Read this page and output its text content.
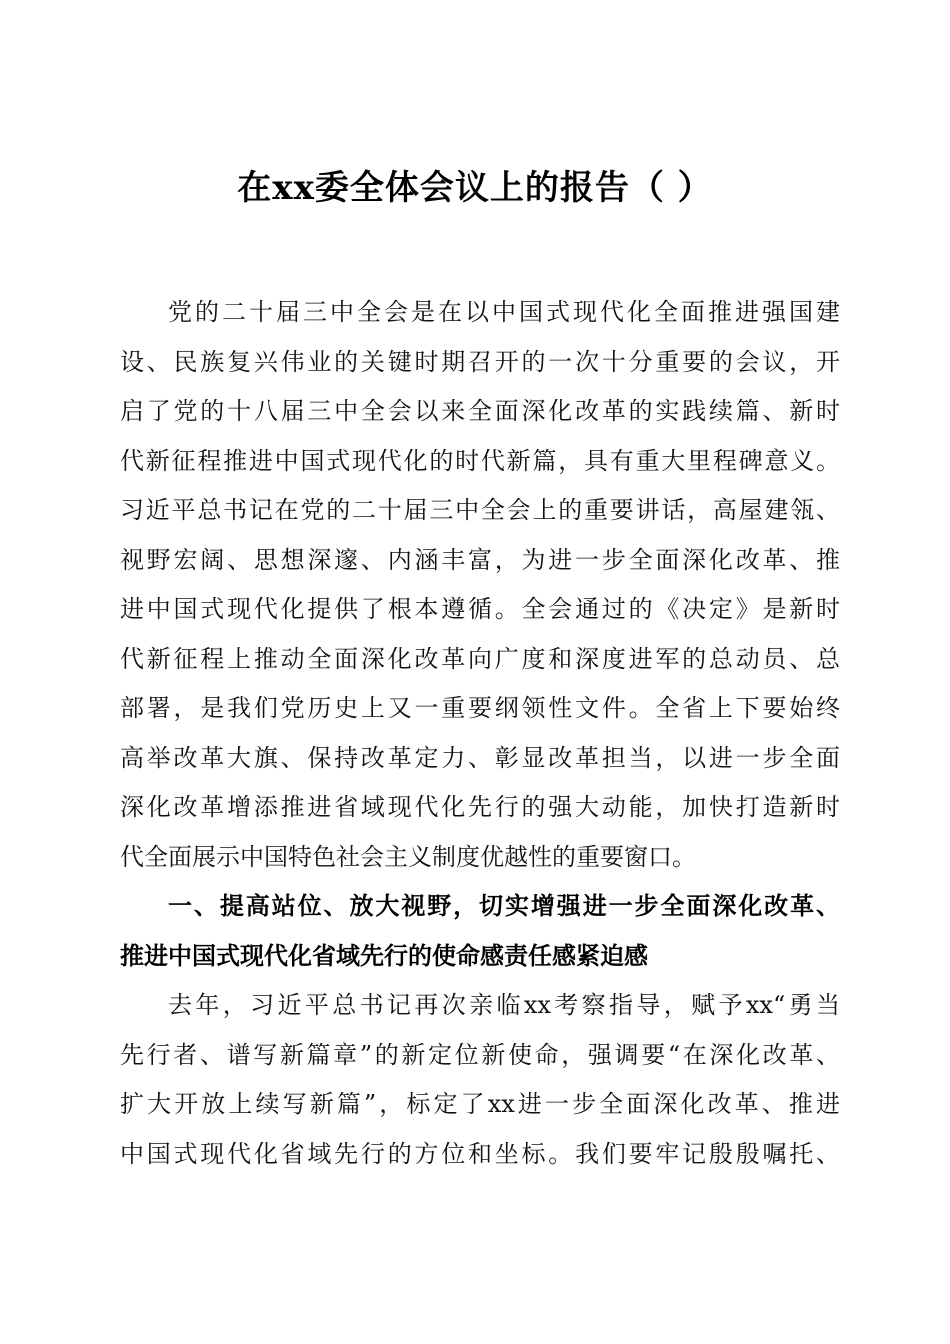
在xx委全体会议上的报告（ ）
党的二十届三中全会是在以中国式现代化全面推进强国建
设、民族复兴伟业的关键时期召开的一次十分重要的会议，开
启了党的十八届三中全会以来全面深化改革的实践续篇、新时
代新征程推进中国式现代化的时代新篇，具有重大里程碑意义。
习近平总书记在党的二十届三中全会上的重要讲话，高屋建瓴、
视野宏阔、思想深邃、内涵丰富，为进一步全面深化改革、推
进中国式现代化提供了根本遵循。全会通过的《决定》是新时
代新征程上推动全面深化改革向广度和深度进军的总动员、总
部署，是我们党历史上又一重要纲领性文件。全省上下要始终
高举改革大旗、保持改革定力、彰显改革担当，以进一步全面
深化改革增添推进省域现代化先行的强大动能，加快打造新时
代全面展示中国特色社会主义制度优越性的重要窗口。
一、提高站位、放大视野，切实增强进一步全面深化改革、
推进中国式现代化省域先行的使命感责任感紧迫感
去年，习近平总书记再次亲临xx考察指导，赋予xx“勇当
先行者、谱写新篇章”的新定位新使命，强调要“在深化改革、
扩大开放上续写新篇”，标定了xx进一步全面深化改革、推进
中国式现代化省域先行的方位和坐标。我们要牢记殷殷嘱托、
